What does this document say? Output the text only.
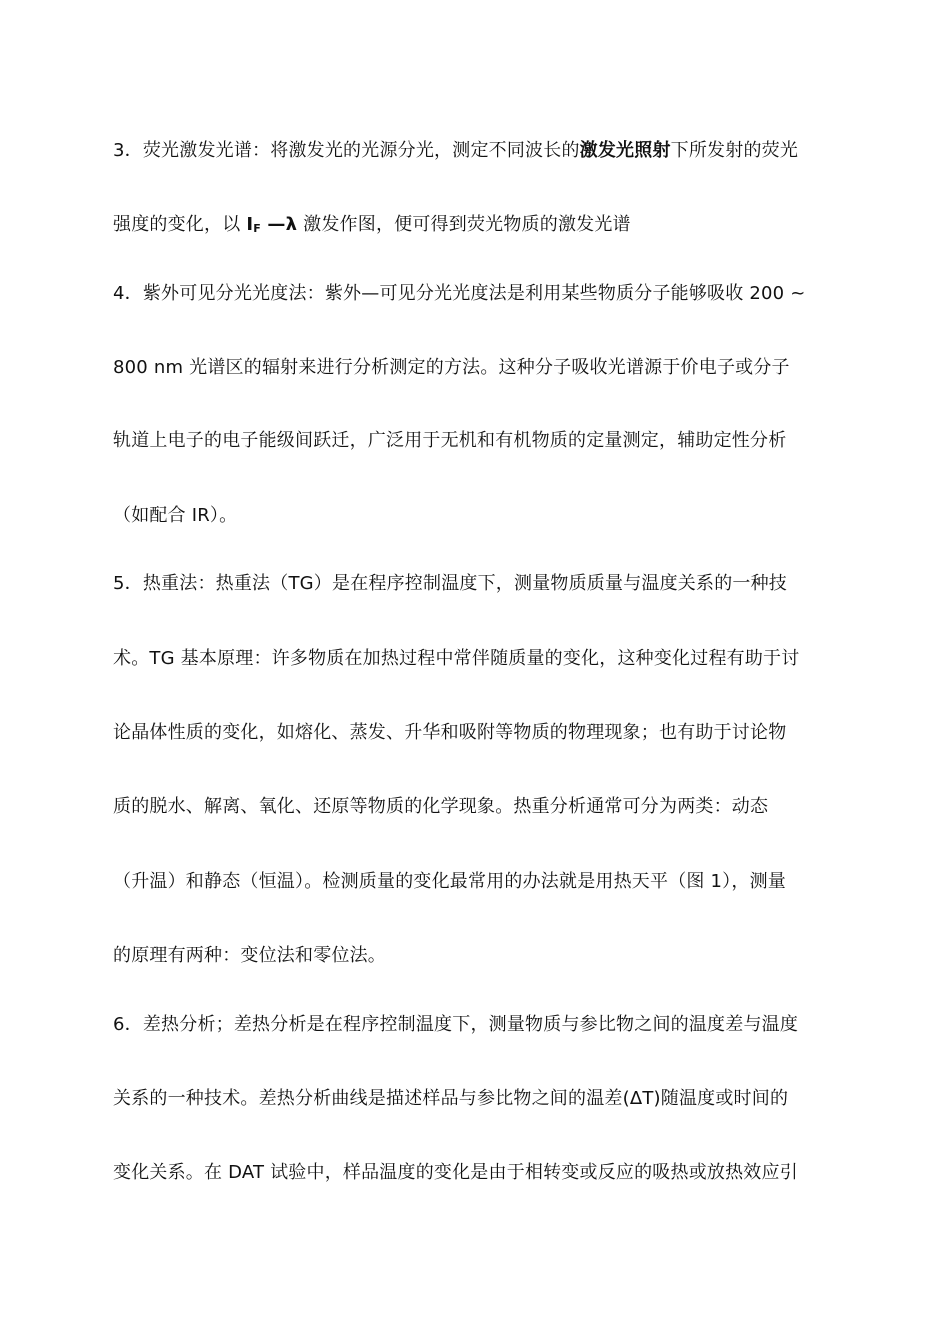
3．荧光激发光谱：将激发光的光源分光，测定不同波长的激发光照射下所发射的荧光
强度的变化，以 IF —λ 激发作图，便可得到荧光物质的激发光谱
4．紫外可见分光光度法：紫外—可见分光光度法是利用某些物质分子能够吸收 200 ~
800 nm 光谱区的辐射来进行分析测定的方法。这种分子吸收光谱源于价电子或分子
轨道上电子的电子能级间跃迁，广泛用于无机和有机物质的定量测定，辅助定性分析
（如配合 IR）。
5．热重法：热重法（TG）是在程序控制温度下，测量物质质量与温度关系的一种技
术。TG 基本原理：许多物质在加热过程中常伴随质量的变化，这种变化过程有助于讨
论晶体性质的变化，如熔化、蒸发、升华和吸附等物质的物理现象；也有助于讨论物
质的脱水、解离、氧化、还原等物质的化学现象。热重分析通常可分为两类：动态
（升温）和静态（恒温）。检测质量的变化最常用的办法就是用热天平（图 1），测量
的原理有两种：变位法和零位法。
6．差热分析；差热分析是在程序控制温度下，测量物质与参比物之间的温度差与温度
关系的一种技术。差热分析曲线是描述样品与参比物之间的温差(ΔT)随温度或时间的
变化关系。在 DAT 试验中，样品温度的变化是由于相转变或反应的吸热或放热效应引
